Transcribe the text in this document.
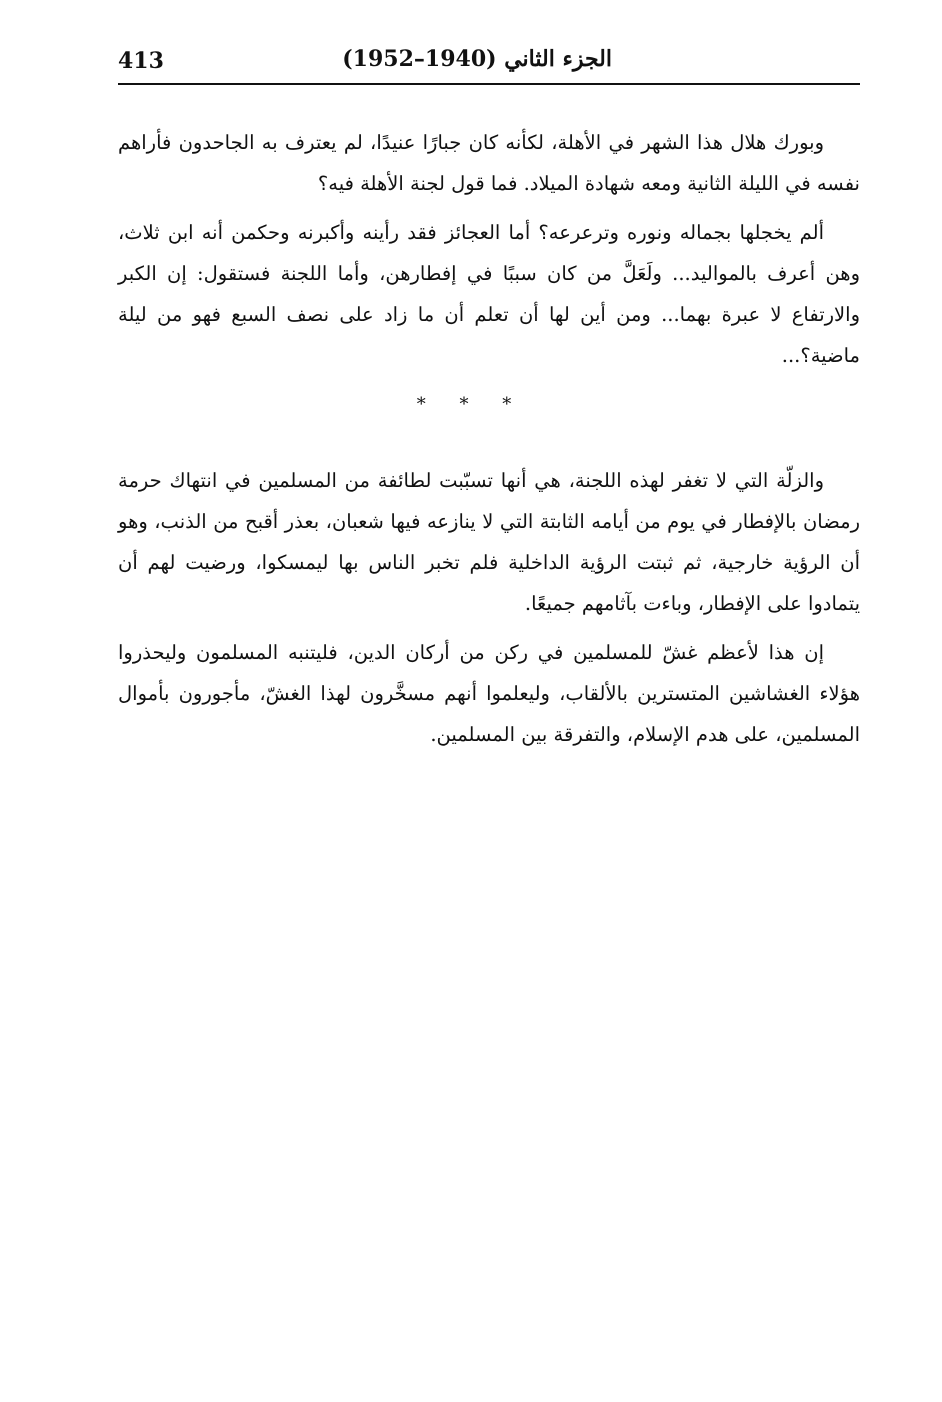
413	الجزء الثاني (1940–1952)

وبورك هلال هذا الشهر في الأهلة، لكأنه كان جبارًا عنيدًا، لم يعترف به الجاحدون فأراهم نفسه في الليلة الثانية ومعه شهادة الميلاد. فما قول لجنة الأهلة فيه؟

ألم يخجلها بجماله ونوره وترعرعه؟ أما العجائز فقد رأينه وأكبرنه وحكمن أنه ابن ثلاث، وهن أعرف بالمواليد... ولَعَلَّ من كان سببًا في إفطارهن، وأما اللجنة فستقول: إن الكبر والارتفاع لا عبرة بهما... ومن أين لها أن تعلم أن ما زاد على نصف السبع فهو من ليلة ماضية؟...

* * *

والزلّة التي لا تغفر لهذه اللجنة، هي أنها تسبّبت لطائفة من المسلمين في انتهاك حرمة رمضان بالإفطار في يوم من أيامه الثابتة التي لا ينازعه فيها شعبان، بعذر أقبح من الذنب، وهو أن الرؤية خارجية، ثم ثبتت الرؤية الداخلية فلم تخبر الناس بها ليمسكوا، ورضيت لهم أن يتمادوا على الإفطار، وباءت بآثامهم جميعًا.

إن هذا لأعظم غشّ للمسلمين في ركن من أركان الدين، فليتنبه المسلمون وليحذروا هؤلاء الغشاشين المتسترين بالألقاب، وليعلموا أنهم مسخَّرون لهذا الغشّ، مأجورون بأموال المسلمين، على هدم الإسلام، والتفرقة بين المسلمين.
